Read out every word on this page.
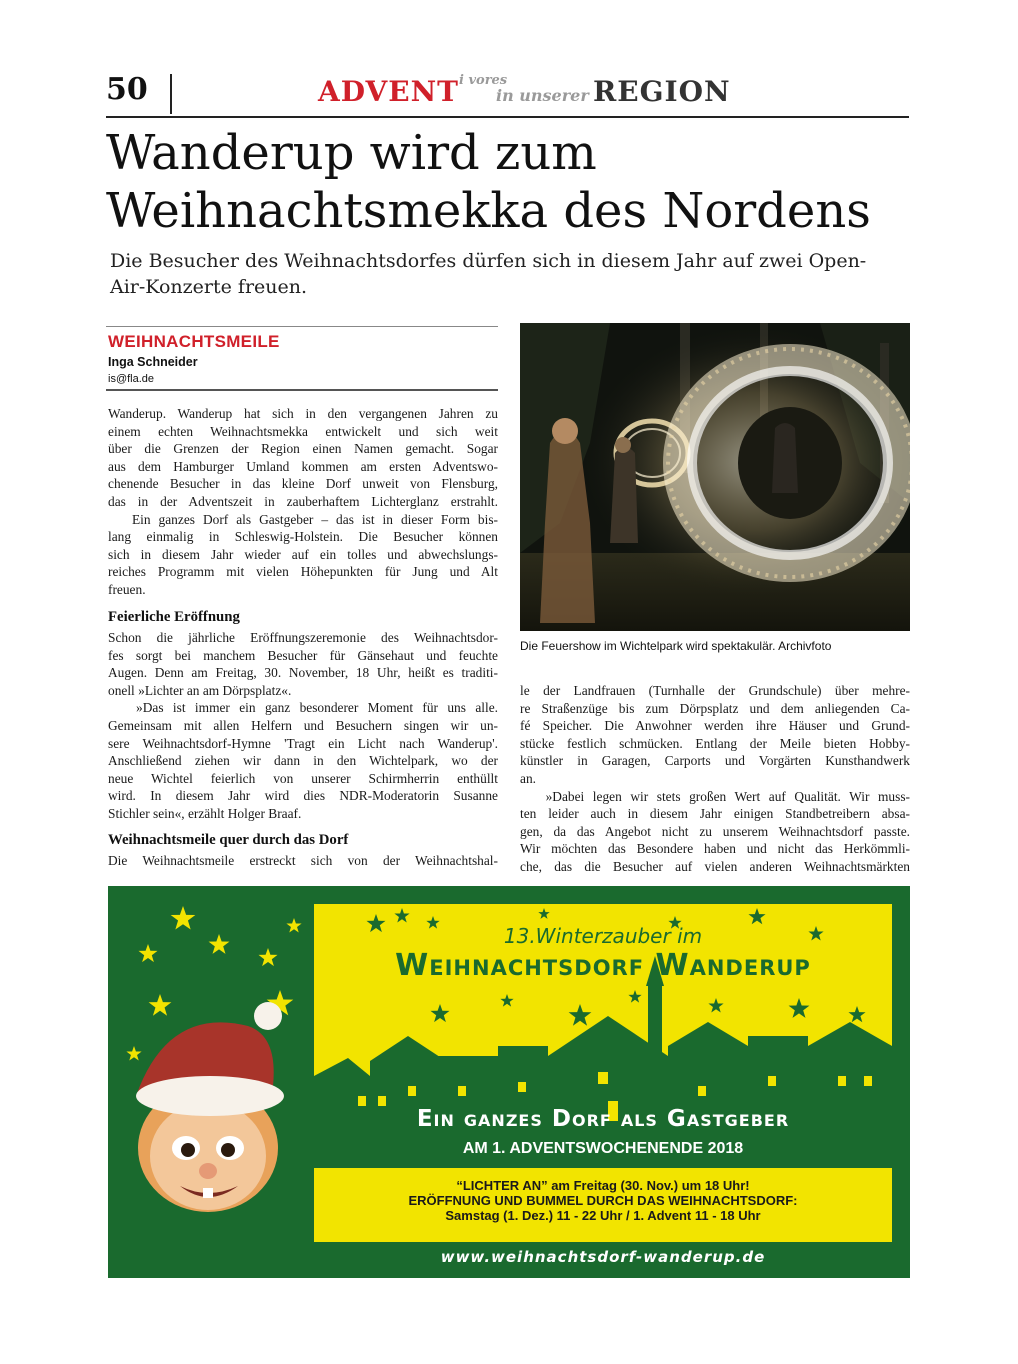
50	ADVENT i vores
in unserer REGION
Wanderup wird zum
Weihnachtsmekka des Nordens
Die Besucher des Weihnachtsdorfes dürfen sich in diesem Jahr auf zwei Open-Air-Konzerte freuen.
WEIHNACHTSMEILE
Inga Schneider
is@fla.de
Wanderup. Wanderup hat sich in den vergangenen Jahren zu
einem echten Weihnachtsmekka entwickelt und sich weit
über die Grenzen der Region einen Namen gemacht. Sogar
aus dem Hamburger Umland kommen am ersten Adventswo-
chenende Besucher in das kleine Dorf unweit von Flensburg,
das in der Adventszeit in zauberhaftem Lichterglanz erstrahlt.
Ein ganzes Dorf als Gastgeber – das ist in dieser Form bis-
lang einmalig in Schleswig-Holstein. Die Besucher können
sich in diesem Jahr wieder auf ein tolles und abwechslungs-
reiches Programm mit vielen Höhepunkten für Jung und Alt
freuen.
Feierliche Eröffnung
Schon die jährliche Eröffnungszeremonie des Weihnachtsdor-
fes sorgt bei manchem Besucher für Gänsehaut und feuchte
Augen. Denn am Freitag, 30. November, 18 Uhr, heißt es traditi-
onell »Lichter an am Dörpsplatz«.
»Das ist immer ein ganz besonderer Moment für uns alle.
Gemeinsam mit allen Helfern und Besuchern singen wir un-
sere Weihnachtsdorf-Hymne 'Tragt ein Licht nach Wanderup'.
Anschließend ziehen wir dann in den Wichtelpark, wo der
neue Wichtel feierlich von unserer Schirmherrin enthüllt
wird. In diesem Jahr wird dies NDR-Moderatorin Susanne
Stichler sein«, erzählt Holger Braaf.
Weihnachtsmeile quer durch das Dorf
Die Weihnachtsmeile erstreckt sich von der Weihnachtshal-
Die Feuershow im Wichtelpark wird spektakulär. Archivfoto
le der Landfrauen (Turnhalle der Grundschule) über mehre-
re Straßenzüge bis zum Dörpsplatz und dem anliegenden Ca-
fé Speicher. Die Anwohner werden ihre Häuser und Grund-
stücke festlich schmücken. Entlang der Meile bieten Hobby-
künstler in Garagen, Carports und Vorgärten Kunsthandwerk
an.
»Dabei legen wir stets großen Wert auf Qualität. Wir muss-
ten leider auch in diesem Jahr einigen Standbetreibern absa-
gen, da das Angebot nicht zu unserem Weihnachtsdorf passte.
Wir möchten das Besondere haben und nicht das Herkömmli-
che, das die Besucher auf vielen anderen Weihnachtsmärkten
13.Winterzauber im
Weihnachtsdorf Wanderup
Ein ganzes Dorf als Gastgeber
AM 1. ADVENTSWOCHENENDE 2018
“LICHTER AN” am Freitag (30. Nov.) um 18 Uhr!
ERÖFFNUNG UND BUMMEL DURCH DAS WEIHNACHTSDORF:
Samstag (1. Dez.) 11 - 22 Uhr / 1. Advent 11 - 18 Uhr
www.weihnachtsdorf-wanderup.de
